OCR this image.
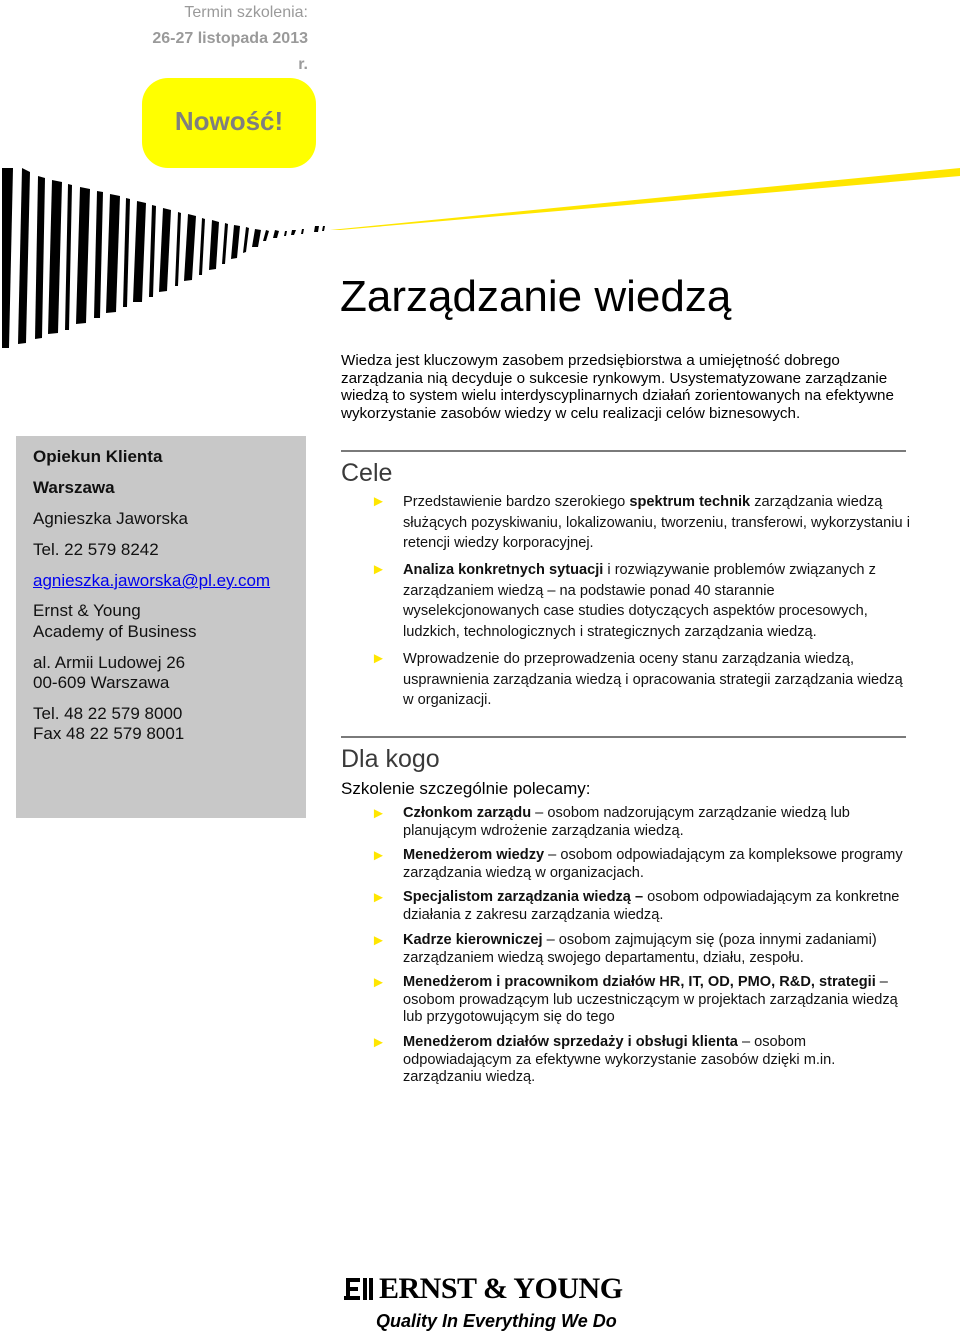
Termin szkolenia:
26-27 listopada 2013 r.
Nowość!
Zarządzanie wiedzą
Wiedza jest kluczowym zasobem przedsiębiorstwa a umiejętność dobrego
zarządzania nią decyduje o sukcesie rynkowym. Usystematyzowane zarządzanie
wiedzą to system wielu interdyscyplinarnych działań zorientowanych na efektywne
wykorzystanie zasobów wiedzy w celu realizacji celów biznesowych.
Opiekun Klienta
Warszawa
Agnieszka Jaworska
Tel. 22 579 8242
agnieszka.jaworska@pl.ey.com
Ernst & Young
Academy of Business
al. Armii Ludowej 26
00-609 Warszawa
Tel. 48 22 579 8000
Fax 48 22 579 8001
Cele
► Przedstawienie bardzo szerokiego spektrum technik zarządzania wiedzą służących pozyskiwaniu, lokalizowaniu, tworzeniu, transferowi, wykorzystaniu i retencji wiedzy korporacyjnej.
► Analiza konkretnych sytuacji i rozwiązywanie problemów związanych z zarządzaniem wiedzą – na podstawie ponad 40 starannie wyselekcjonowanych case studies dotyczących aspektów procesowych, ludzkich, technologicznych i strategicznych zarządzania wiedzą.
► Wprowadzenie do przeprowadzenia oceny stanu zarządzania wiedzą, usprawnienia zarządzania wiedzą i opracowania strategii zarządzania wiedzą w organizacji.
Dla kogo
Szkolenie szczególnie polecamy:
► Członkom zarządu – osobom nadzorującym zarządzanie wiedzą lub planującym wdrożenie zarządzania wiedzą.
► Menedżerom wiedzy – osobom odpowiadającym za kompleksowe programy zarządzania wiedzą w organizacjach.
► Specjalistom zarządzania wiedzą – osobom odpowiadającym za konkretne działania z zakresu zarządzania wiedzą.
► Kadrze kierowniczej – osobom zajmującym się (poza innymi zadaniami) zarządzaniem wiedzą swojego departamentu, działu, zespołu.
► Menedżerom i pracownikom działów HR, IT, OD, PMO, R&D, strategii – osobom prowadzącym lub uczestniczącym w projektach zarządzania wiedzą lub przygotowującym się do tego
► Menedżerom działów sprzedaży i obsługi klienta – osobom odpowiadającym za efektywne wykorzystanie zasobów dzięki m.in. zarządzaniu wiedzą.
ERNST & YOUNG
Quality In Everything We Do
